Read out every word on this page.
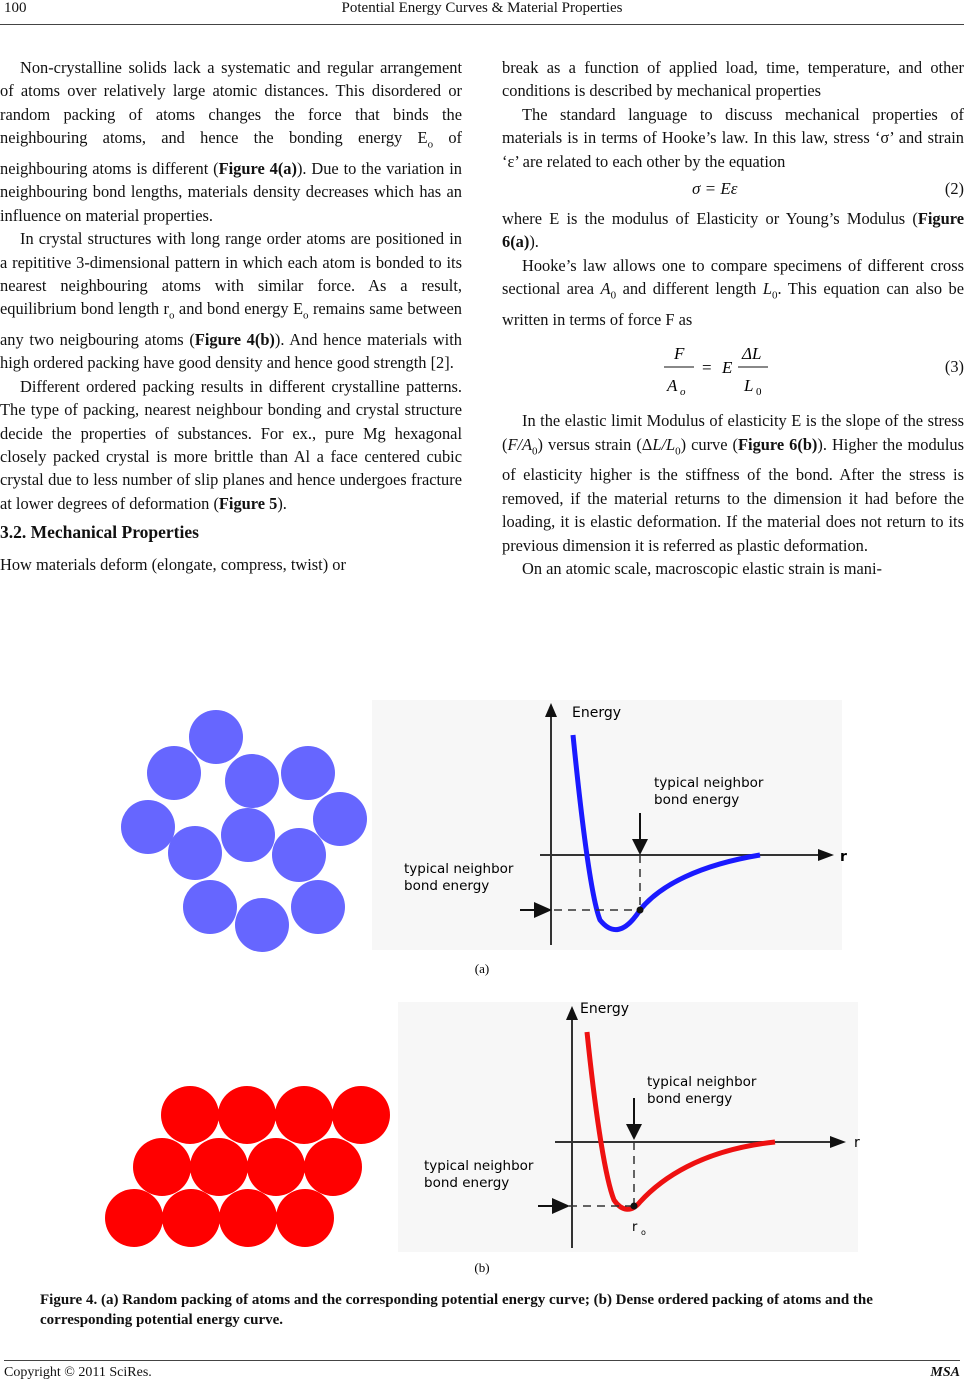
100	Potential Energy Curves & Material Properties

Non-crystalline solids lack a systematic and regular arrangement of atoms over relatively large atomic distances. This disordered or random packing of atoms changes the force that binds the neighbouring atoms, and hence the bonding energy $E_o$ of neighbouring atoms is different (Figure 4(a)). Due to the variation in neighbouring bond lengths, materials density decreases which has an influence on material properties.

In crystal structures with long range order atoms are positioned in a repititive 3-dimensional pattern in which each atom is bonded to its nearest neighbouring atoms with similar force. As a result, equilibrium bond length $r_o$ and bond energy $E_o$ remains same between any two neigbouring atoms (Figure 4(b)). And hence materials with high ordered packing have good density and hence good strength [2].

Different ordered packing results in different crystalline patterns. The type of packing, nearest neighbour bonding and crystal structure decide the properties of substances. For ex., pure Mg hexagonal closely packed crystal is more brittle than Al a face centered cubic crystal due to less number of slip planes and hence undergoes fracture at lower degrees of deformation (Figure 5).

3.2. Mechanical Properties

How materials deform (elongate, compress, twist) or

break as a function of applied load, time, temperature, and other conditions is described by mechanical properties

The standard language to discuss mechanical properties of materials is in terms of Hooke’s law. In this law, stress ‘σ’ and strain ‘ε’ are related to each other by the equation

σ = Eε	(2)

where E is the modulus of Elasticity or Young’s Modulus (Figure 6(a)).

Hooke’s law allows one to compare specimens of different cross sectional area $A_0$ and different length $L_0$. This equation can also be written in terms of force F as

F
A o
= E
ΔL
L 0
(3)

In the elastic limit Modulus of elasticity E is the slope of the stress $(F/A_0)$ versus strain $(\Delta L/L_0)$ curve (Figure 6(b)). Higher the modulus of elasticity higher is the stiffness of the bond. After the stress is removed, if the material returns to the dimension it had before the loading, it is elastic deformation. If the material does not return to its previous dimension it is referred as plastic deformation.

On an atomic scale, macroscopic elastic strain is mani-

Energy
r
typical neighbor
bond energy
typical neighbor
bond energy
(a)
Energy
r
typical neighbor
bond energy
typical neighbor
bond energy
r o
(b)
Figure 4. (a) Random packing of atoms and the corresponding potential energy curve; (b) Dense ordered packing of atoms and the corresponding potential energy curve.
Copyright © 2011 SciRes.	MSA
